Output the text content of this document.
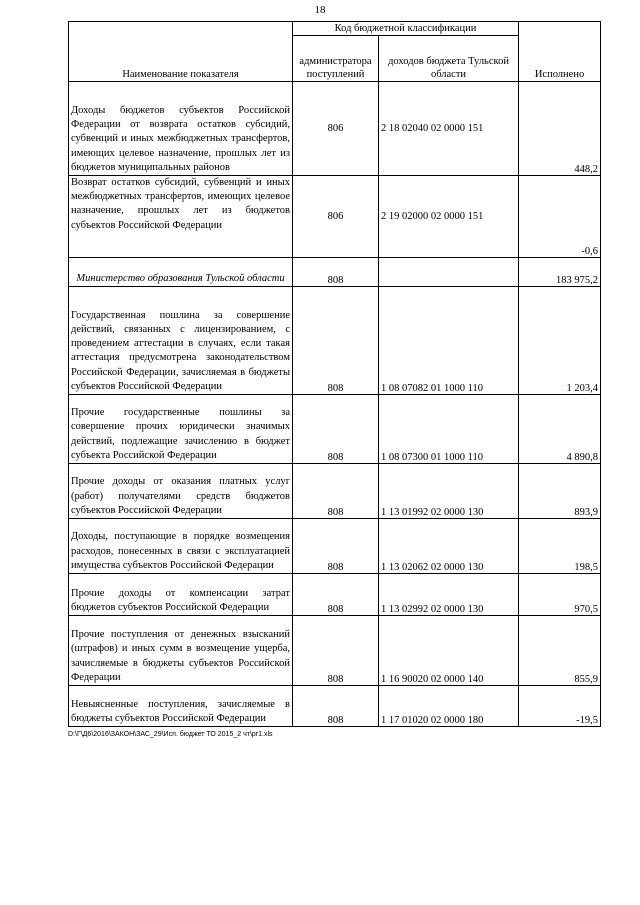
18
Наименование показателя	Код бюджетной классификации		Исполнено
	администратора поступлений	доходов бюджета Тульской области	
Доходы бюджетов субъектов Российской Федерации от возврата остатков субсидий, субвенций и иных межбюджетных трансфертов, имеющих целевое назначение, прошлых лет из бюджетов муниципальных районов	806	2 18 02040 02 0000 151	448,2
Возврат остатков субсидий, субвенций и иных межбюджетных трансфертов, имеющих целевое назначение, прошлых лет из бюджетов субъектов Российской Федерации	806	2 19 02000 02 0000 151	-0,6
Министерство образования Тульской области	808		183 975,2
Государственная пошлина за совершение действий, связанных с лицензированием, с проведением аттестации в случаях, если такая аттестация предусмотрена законодательством Российской Федерации, зачисляемая в бюджеты субъектов Российской Федерации	808	1 08 07082 01 1000 110	1 203,4
Прочие государственные пошлины за совершение прочих юридически значимых действий, подлежащие зачислению в бюджет субъекта Российской Федерации	808	1 08 07300 01 1000 110	4 890,8
Прочие доходы от оказания платных услуг (работ) получателями средств бюджетов субъектов Российской Федерации	808	1 13 01992 02 0000 130	893,9
Доходы, поступающие в порядке возмещения расходов, понесенных в связи с эксплуатацией имущества субъектов Российской Федерации	808	1 13 02062 02 0000 130	198,5
Прочие доходы от компенсации затрат бюджетов субъектов Российской Федерации	808	1 13 02992 02 0000 130	970,5
Прочие поступления от денежных взысканий (штрафов) и иных сумм в возмещение ущерба, зачисляемые в бюджеты субъектов Российской Федерации	808	1 16 90020 02 0000 140	855,9
Невыясненные поступления, зачисляемые в бюджеты субъектов Российской Федерации	808	1 17 01020 02 0000 180	-19,5
D:\Г\Д6\2016\ЗАКОН\ЗАС_29\Исп. бюджет ТО 2015_2 чт\pr1.xls
